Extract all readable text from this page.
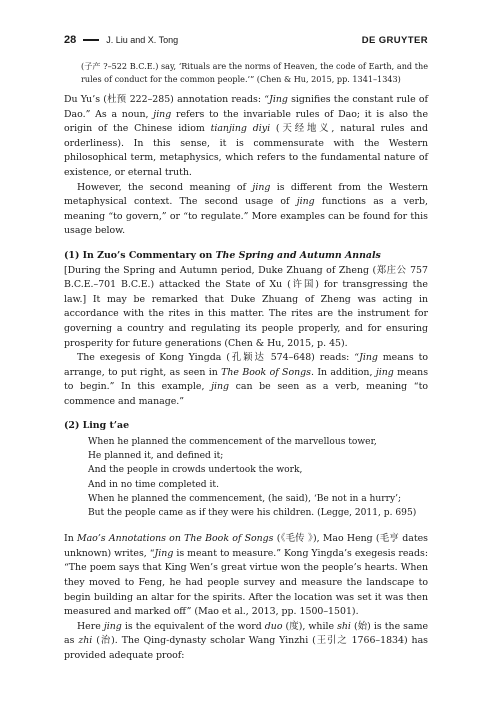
28	J. Liu and X. Tong	DE GRUYTER
(子产 ?–522 B.C.E.) say, ‘Rituals are the norms of Heaven, the code of Earth, and the rules of conduct for the common people.’” (Chen & Hu, 2015, pp. 1341–1343)

Du Yu’s (杜预 222–285) annotation reads: “Jing signifies the constant rule of Dao.” As a noun, jing refers to the invariable rules of Dao; it is also the origin of the Chinese idiom tianjing diyi (天经地义, natural rules and orderliness). In this sense, it is commensurate with the Western philosophical term, metaphysics, which refers to the fundamental nature of existence, or eternal truth.

However, the second meaning of jing is different from the Western metaphysical context. The second usage of jing functions as a verb, meaning “to govern,” or “to regulate.” More examples can be found for this usage below.

(1) In Zuo’s Commentary on The Spring and Autumn Annals

[During the Spring and Autumn period, Duke Zhuang of Zheng (郑庄公 757 B.C.E.–701 B.C.E.) attacked the State of Xu (许国) for transgressing the law.] It may be remarked that Duke Zhuang of Zheng was acting in accordance with the rites in this matter. The rites are the instrument for governing a country and regulating its people properly, and for ensuring prosperity for future generations (Chen & Hu, 2015, p. 45).

The exegesis of Kong Yingda (孔颖达 574–648) reads: “Jing means to arrange, to put right, as seen in The Book of Songs. In addition, jing means to begin.” In this example, jing can be seen as a verb, meaning “to commence and manage.”

(2) Ling t’ae
When he planned the commencement of the marvellous tower,
He planned it, and defined it;
And the people in crowds undertook the work,
And in no time completed it.
When he planned the commencement, (he said), ‘Be not in a hurry’;
But the people came as if they were his children. (Legge, 2011, p. 695)

In Mao’s Annotations on The Book of Songs (《毛传 》), Mao Heng (毛亨 dates unknown) writes, “Jing is meant to measure.” Kong Yingda’s exegesis reads: “The poem says that King Wen’s great virtue won the people’s hearts. When they moved to Feng, he had people survey and measure the landscape to begin building an altar for the spirits. After the location was set it was then measured and marked off” (Mao et al., 2013, pp. 1500–1501).

Here jing is the equivalent of the word duo (度), while shi (始) is the same as zhi (治). The Qing-dynasty scholar Wang Yinzhi (王引之 1766–1834) has provided adequate proof:
